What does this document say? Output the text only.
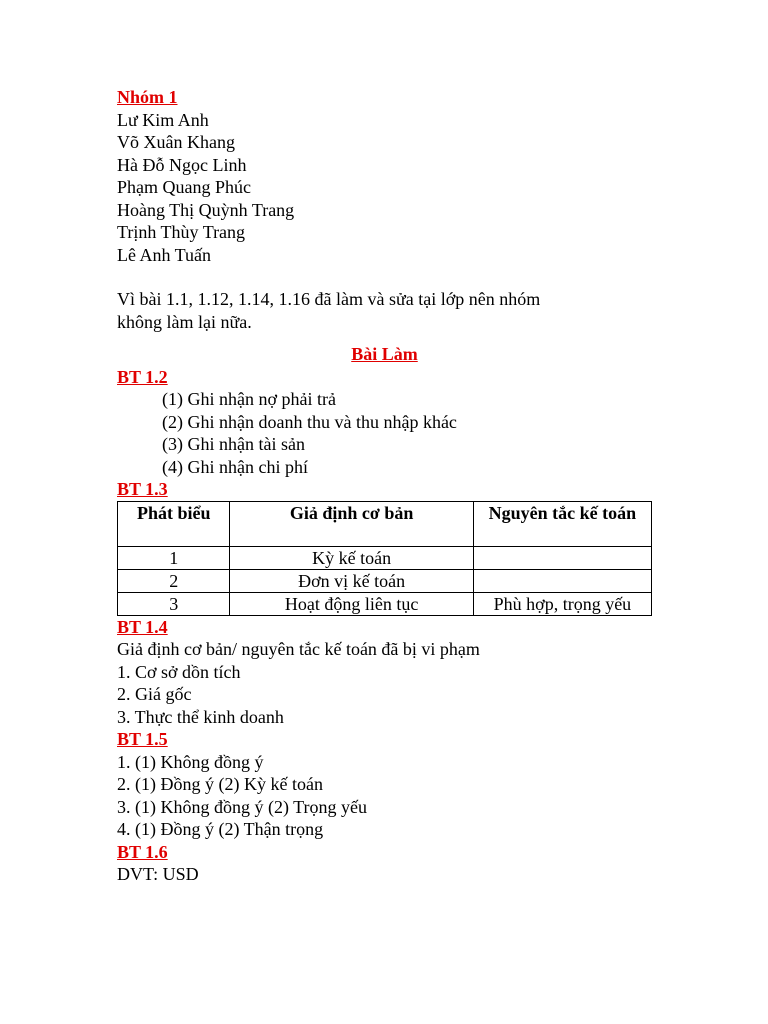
Nhóm 1
Lư Kim Anh
Võ Xuân Khang
Hà Đỗ Ngọc Linh
Phạm Quang Phúc
Hoàng Thị Quỳnh Trang
Trịnh Thùy Trang
Lê Anh Tuấn
Vì bài 1.1, 1.12, 1.14, 1.16 đã làm và sửa tại lớp nên nhóm
không làm lại nữa.
Bài Làm
BT 1.2
(1) Ghi nhận nợ phải trả
(2) Ghi nhận doanh thu và thu nhập khác
(3) Ghi nhận tài sản
(4) Ghi nhận chi phí
BT 1.3
Phát biểu	Giả định cơ bản	Nguyên tắc kế toán
1	Kỳ kế toán	
2	Đơn vị kế toán	
3	Hoạt động liên tục	Phù hợp, trọng yếu
BT 1.4
Giả định cơ bản/ nguyên tắc kế toán đã bị vi phạm
1. Cơ sở dồn tích
2. Giá gốc
3. Thực thể kinh doanh
BT 1.5
1. (1) Không đồng ý
2. (1) Đồng ý (2) Kỳ kế toán
3. (1) Không đồng ý (2) Trọng yếu
4. (1) Đồng ý (2) Thận trọng
BT 1.6
DVT: USD
